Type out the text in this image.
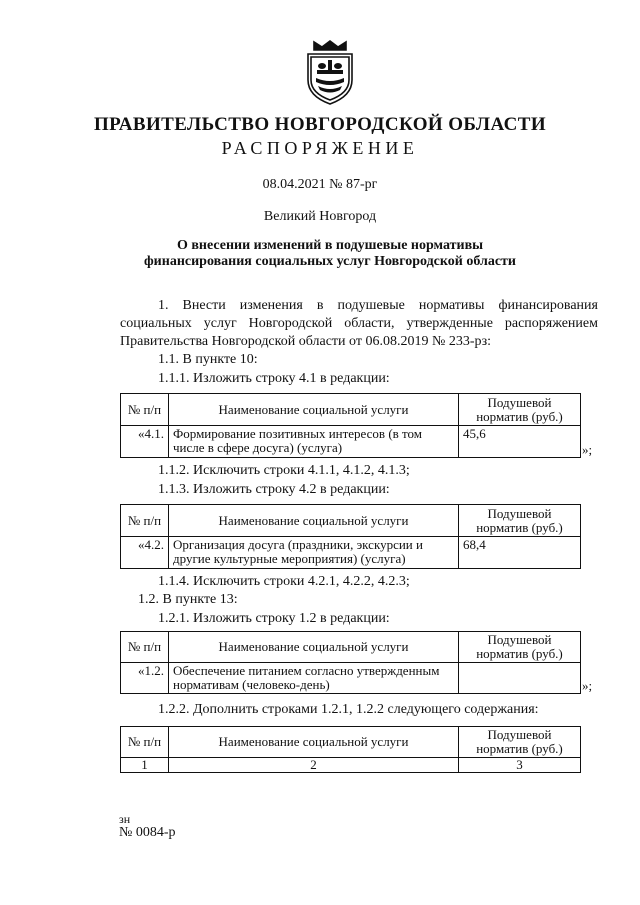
ПРАВИТЕЛЬСТВО НОВГОРОДСКОЙ ОБЛАСТИ
РАСПОРЯЖЕНИЕ
08.04.2021 № 87-рг
Великий Новгород
О внесении изменений в подушевые нормативы финансирования социальных услуг Новгородской области
1. Внести изменения в подушевые нормативы финансирования социальных услуг Новгородской области, утвержденные распоряжением Правительства Новгородской области от 06.08.2019 № 233-рз:
1.1. В пункте 10:
1.1.1. Изложить строку 4.1 в редакции:
№ п/п	Наименование социальной услуги	Подушевой норматив (руб.)
«4.1.	Формирование позитивных интересов (в том числе в сфере досуга) (услуга)	45,6
»;
1.1.2. Исключить строки 4.1.1, 4.1.2, 4.1.3;
1.1.3. Изложить строку 4.2 в редакции:
№ п/п	Наименование социальной услуги	Подушевой норматив (руб.)
«4.2.	Организация досуга (праздники, экскурсии и другие культурные мероприятия) (услуга)	68,4
1.1.4. Исключить строки 4.2.1, 4.2.2, 4.2.3;
1.2. В пункте 13:
1.2.1. Изложить строку 1.2 в редакции:
№ п/п	Наименование социальной услуги	Подушевой норматив (руб.)
«1.2.	Обеспечение питанием согласно утвержденным нормативам (человеко-день)		»;
1.2.2. Дополнить строками 1.2.1, 1.2.2 следующего содержания:
№ п/п	Наименование социальной услуги	Подушевой норматив (руб.)
1	2	3
зн
№ 0084-р
